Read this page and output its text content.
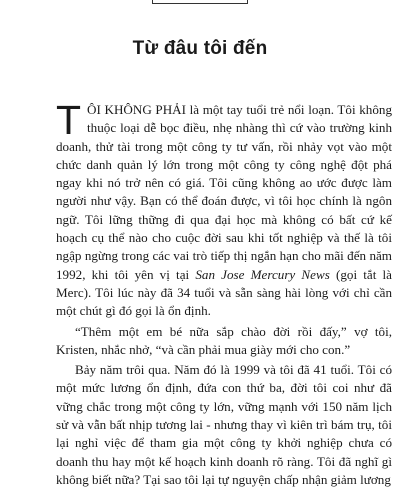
Từ đâu tôi đến

TÔI KHÔNG PHẢI là một tay tuổi trẻ nổi loạn. Tôi không thuộc loại dễ bọc điều, nhẹ nhàng thì cứ vào trường kinh doanh, thử tài trong một công ty tư vấn, rồi nhảy vọt vào một chức danh quản lý lớn trong một công ty công nghệ đột phá ngay khi nó trở nên có giá. Tôi cũng không ao ước được làm người như vậy. Bạn có thể đoán được, vì tôi học chính là ngôn ngữ. Tôi lững thững đi qua đại học mà không có bất cứ kế hoạch cụ thể nào cho cuộc đời sau khi tốt nghiệp và thế là tôi ngập ngừng trong các vai trò tiếp thị ngắn hạn cho mãi đến năm 1992, khi tôi yên vị tại San Jose Mercury News (gọi tắt là Merc). Tôi lúc này đã 34 tuổi và sẵn sàng hài lòng với chỉ cần một chút gì đó gọi là ổn định.

“Thêm một em bé nữa sắp chào đời rồi đấy,” vợ tôi, Kristen, nhắc nhở, “và cần phải mua giày mới cho con.”

Bảy năm trôi qua. Năm đó là 1999 và tôi đã 41 tuổi. Tôi có một mức lương ổn định, đứa con thứ ba, đời tôi coi như đã vững chắc trong một công ty lớn, vững mạnh với 150 năm lịch sử và vẫn bất nhịp tương lai - nhưng thay vì kiên trì bám trụ, tôi lại nghỉ việc để tham gia một công ty khởi nghiệp chưa có doanh thu hay một kế hoạch kinh doanh rõ ràng. Tôi đã nghĩ gì không biết nữa? Tại sao tôi lại tự nguyện chấp nhận giảm lương
